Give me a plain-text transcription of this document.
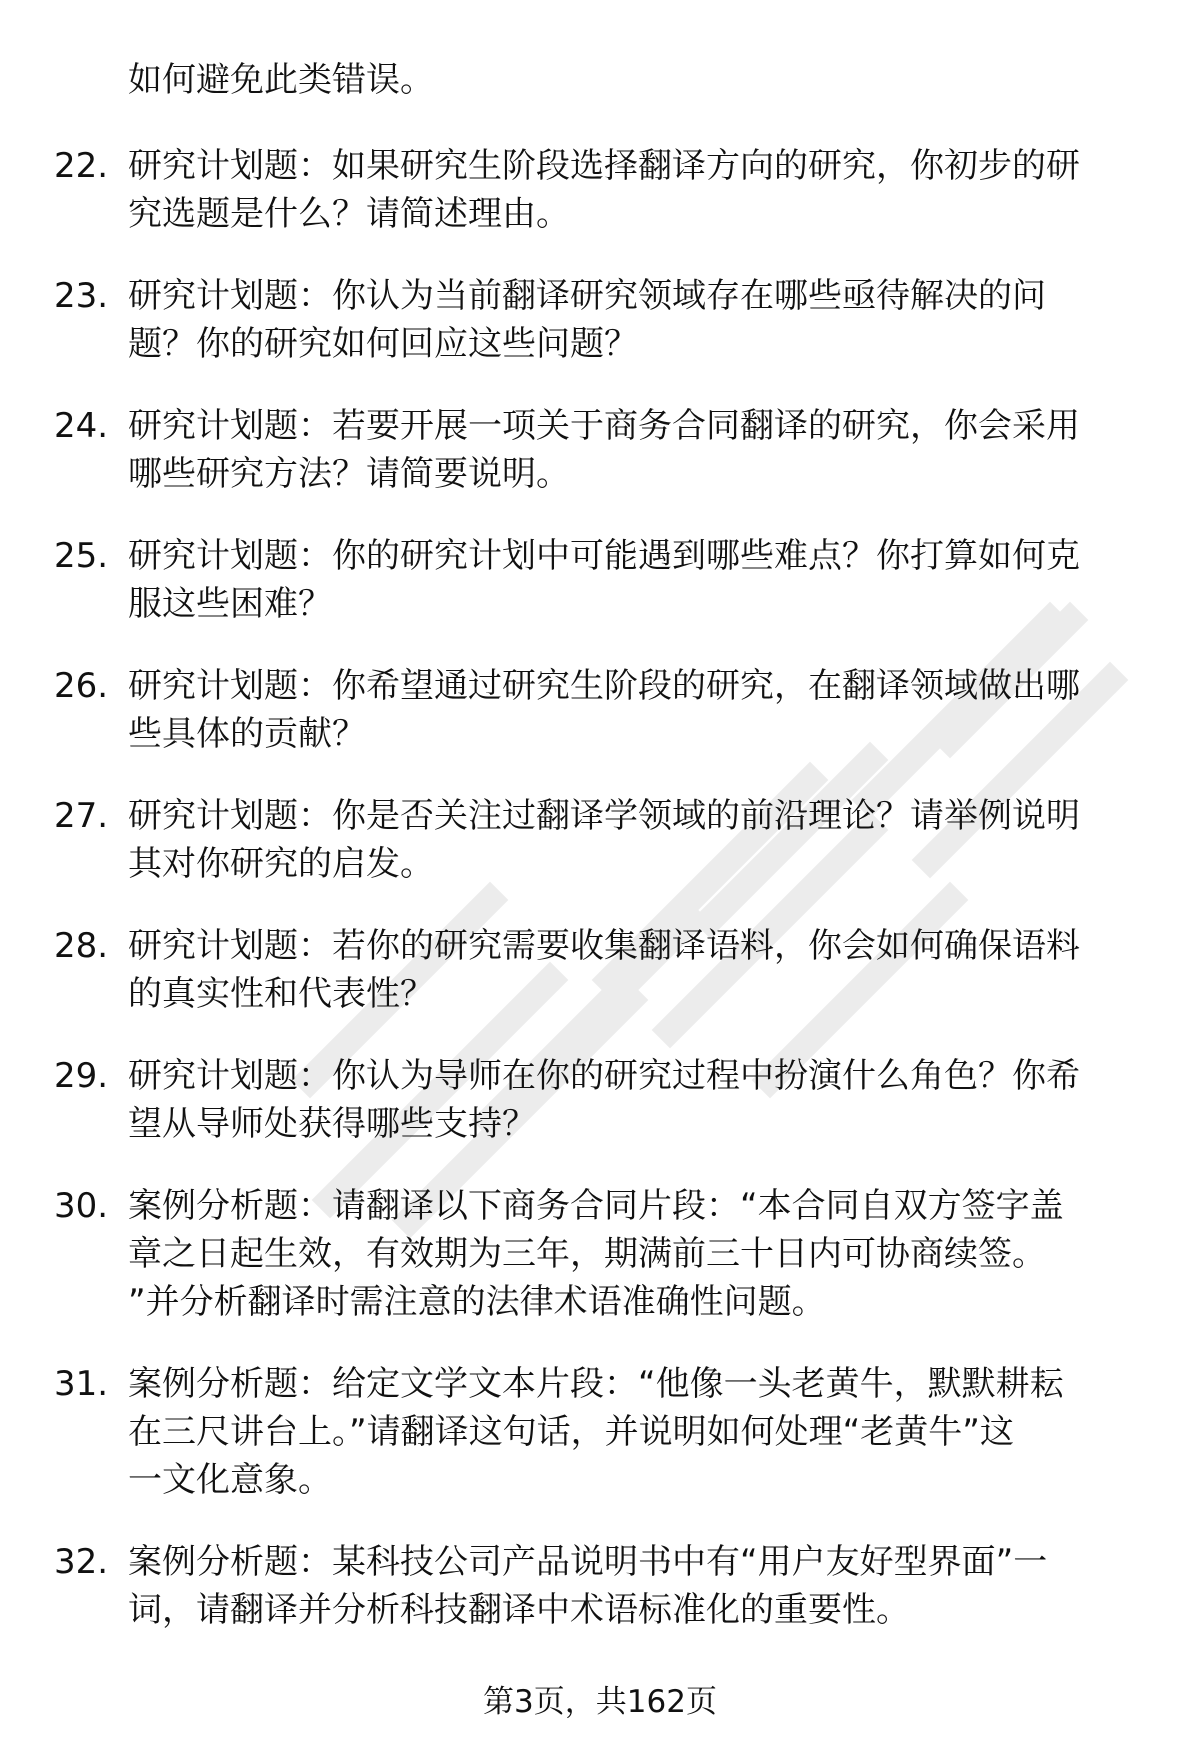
如何避免此类错误。
22. 研究计划题：如果研究生阶段选择翻译方向的研究，你初步的研
究选题是什么？请简述理由。
23. 研究计划题：你认为当前翻译研究领域存在哪些亟待解决的问
题？你的研究如何回应这些问题？
24. 研究计划题：若要开展一项关于商务合同翻译的研究，你会采用
哪些研究方法？请简要说明。
25. 研究计划题：你的研究计划中可能遇到哪些难点？你打算如何克
服这些困难？
26. 研究计划题：你希望通过研究生阶段的研究，在翻译领域做出哪
些具体的贡献？
27. 研究计划题：你是否关注过翻译学领域的前沿理论？请举例说明
其对你研究的启发。
28. 研究计划题：若你的研究需要收集翻译语料，你会如何确保语料
的真实性和代表性？
29. 研究计划题：你认为导师在你的研究过程中扮演什么角色？你希
望从导师处获得哪些支持？
30. 案例分析题：请翻译以下商务合同片段：“本合同自双方签字盖
章之日起生效，有效期为三年，期满前三十日内可协商续签。
”并分析翻译时需注意的法律术语准确性问题。
31. 案例分析题：给定文学文本片段：“他像一头老黄牛，默默耕耘
在三尺讲台上。”请翻译这句话，并说明如何处理“老黄牛”这
一文化意象。
32. 案例分析题：某科技公司产品说明书中有“用户友好型界面”一
词，请翻译并分析科技翻译中术语标准化的重要性。
第3页，共162页
